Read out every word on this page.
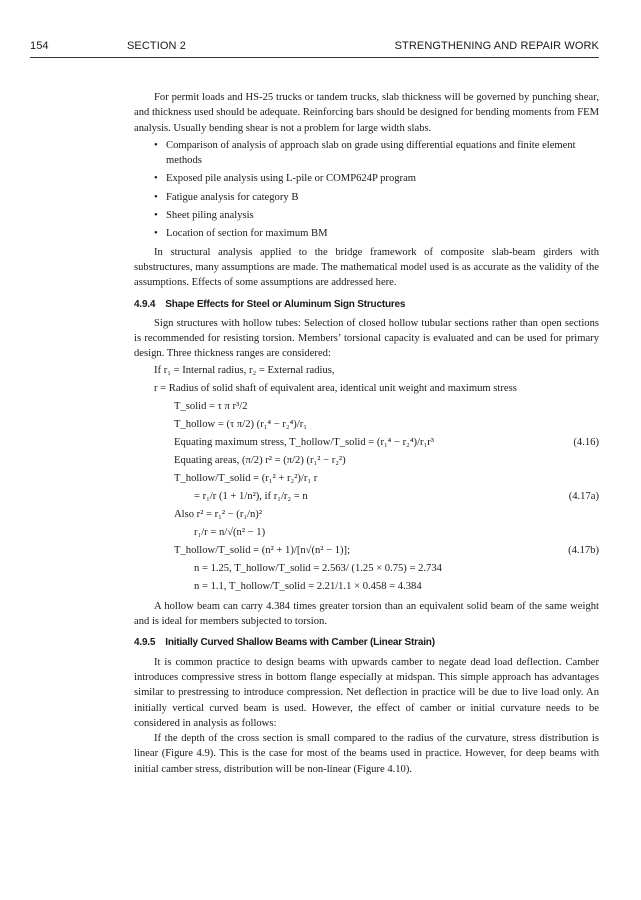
154	SECTION 2	STRENGTHENING AND REPAIR WORK

For permit loads and HS-25 trucks or tandem trucks, slab thickness will be governed by punching shear, and thickness used should be adequate. Reinforcing bars should be designed for bending moments from FEM analysis. Usually bending shear is not a problem for large width slabs.

• Comparison of analysis of approach slab on grade using differential equations and finite element methods
• Exposed pile analysis using L-pile or COMP624P program
• Fatigue analysis for category B
• Sheet piling analysis
• Location of section for maximum BM

In structural analysis applied to the bridge framework of composite slab-beam girders with substructures, many assumptions are made. The mathematical model used is as accurate as the validity of the assumptions. Effects of some assumptions are addressed here.

4.9.4 Shape Effects for Steel or Aluminum Sign Structures

Sign structures with hollow tubes: Selection of closed hollow tubular sections rather than open sections is recommended for resisting torsion. Members’ torsional capacity is evaluated and can be used for primary design. Three thickness ranges are considered:

If r₁ = Internal radius, r₂ = External radius,
r = Radius of solid shaft of equivalent area, identical unit weight and maximum stress
T_solid = τ π r³/2
T_hollow = (τ π/2) (r₁⁴ − r₂⁴)/r₁
Equating maximum stress, T_hollow/T_solid = (r₁⁴ − r₂⁴)/r₁r³	(4.16)
Equating areas, (π/2) r² = (π/2) (r₁² − r₂²)
T_hollow/T_solid = (r₁² + r₂²)/r₁ r
= r₁/r (1 + 1/n²), if r₁/r₂ = n	(4.17a)
Also r² = r₁² − (r₁/n)²
r₁/r = n/√(n² − 1)
T_hollow/T_solid = (n² + 1)/[n√(n² − 1)];	(4.17b)
n = 1.25, T_hollow/T_solid = 2.563/ (1.25 × 0.75) = 2.734
n = 1.1, T_hollow/T_solid = 2.21/1.1 × 0.458 = 4.384

A hollow beam can carry 4.384 times greater torsion than an equivalent solid beam of the same weight and is ideal for members subjected to torsion.

4.9.5 Initially Curved Shallow Beams with Camber (Linear Strain)

It is common practice to design beams with upwards camber to negate dead load deflection. Camber introduces compressive stress in bottom flange especially at midspan. This simple approach has advantages similar to prestressing to introduce compression. Net deflection in practice will be due to live load only. An initially vertical curved beam is used. However, the effect of camber or initial curvature needs to be considered in analysis as follows:

If the depth of the cross section is small compared to the radius of the curvature, stress distribution is linear (Figure 4.9). This is the case for most of the beams used in practice. However, for deep beams with initial camber stress, distribution will be non-linear (Figure 4.10).
